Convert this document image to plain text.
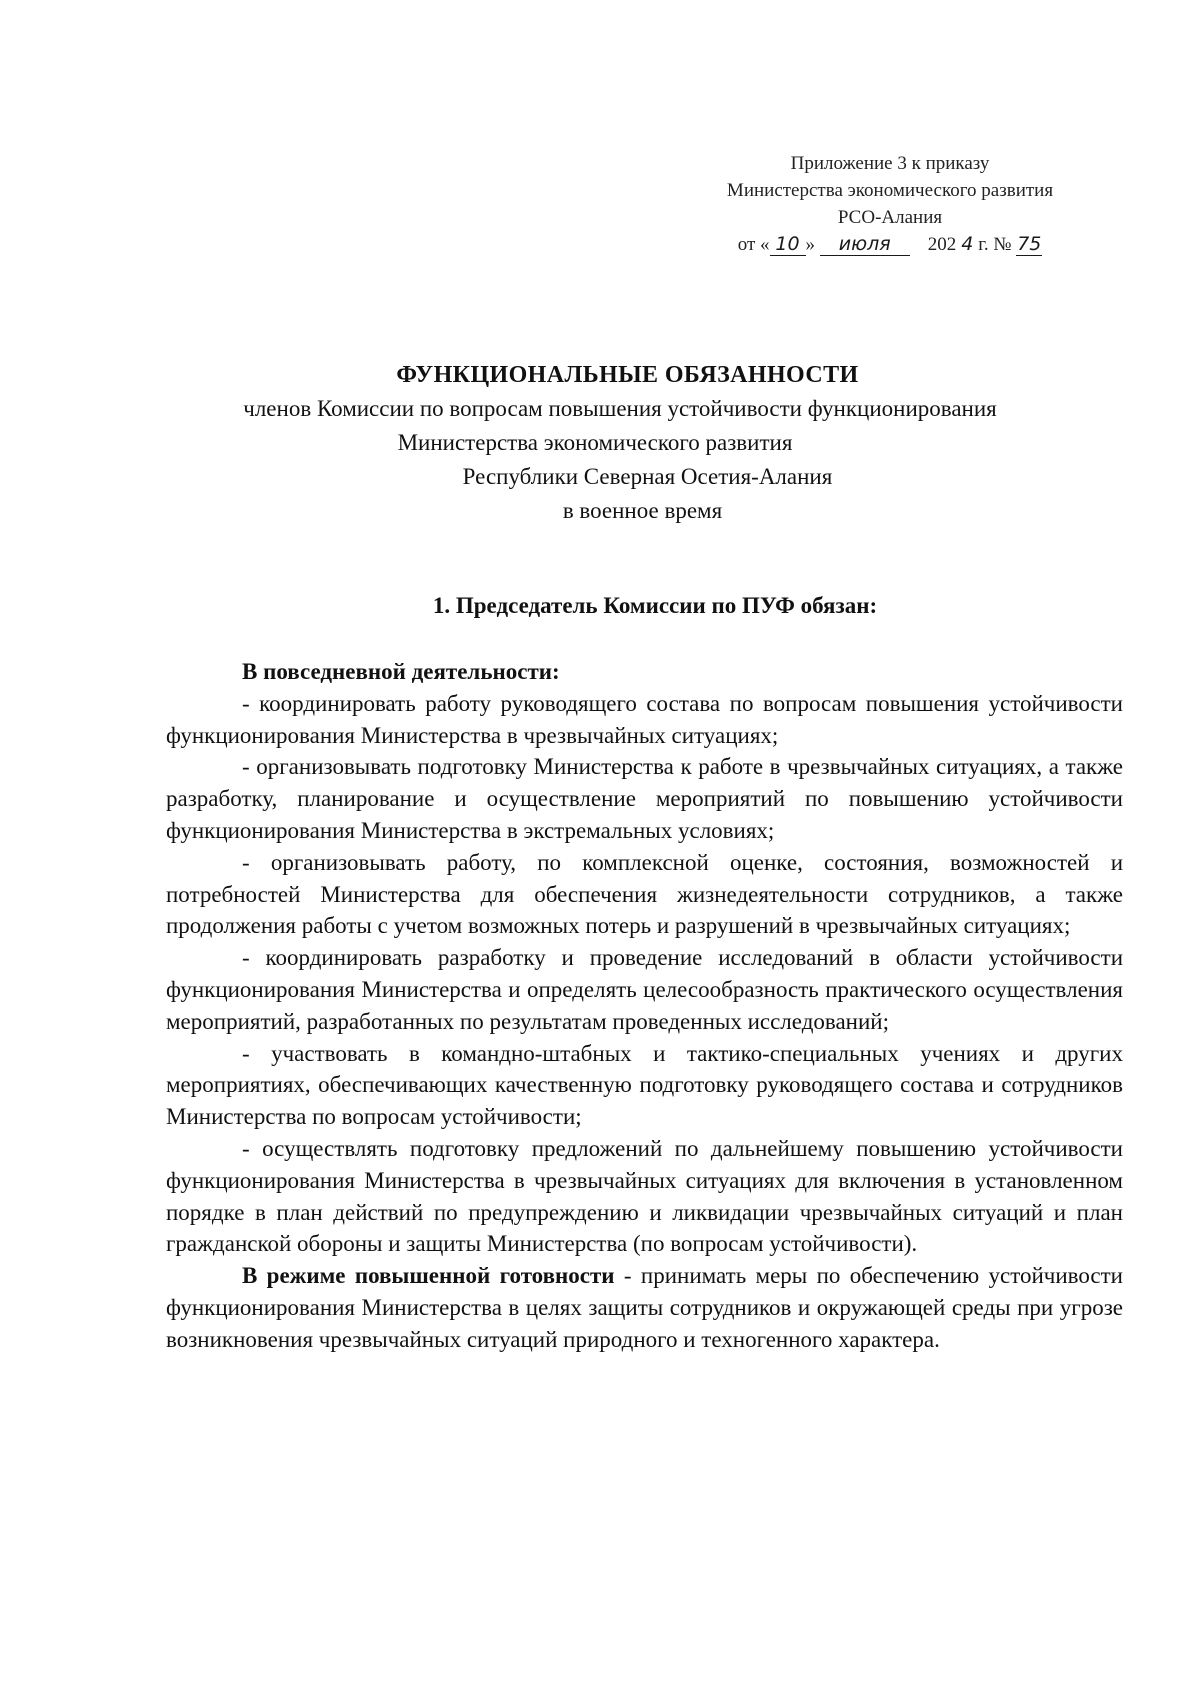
Приложение 3 к приказу
Министерства экономического развития
РСО-Алания
от « 10 » июля 202 4 г. № 75
ФУНКЦИОНАЛЬНЫЕ ОБЯЗАННОСТИ
членов Комиссии по вопросам повышения устойчивости функционирования
Министерства экономического развития
Республики Северная Осетия-Алания
в военное время
1. Председатель Комиссии по ПУФ обязан:
В повседневной деятельности:

- координировать работу руководящего состава по вопросам повышения устойчивости функционирования Министерства в чрезвычайных ситуациях;

- организовывать подготовку Министерства к работе в чрезвычайных ситуациях, а также разработку, планирование и осуществление мероприятий по повышению устойчивости функционирования Министерства в экстремальных условиях;

- организовывать работу, по комплексной оценке, состояния, возможностей и потребностей Министерства для обеспечения жизнедеятельности сотрудников, а также продолжения работы с учетом возможных потерь и разрушений в чрезвычайных ситуациях;

- координировать разработку и проведение исследований в области устойчивости функционирования Министерства и определять целесообразность практического осуществления мероприятий, разработанных по результатам проведенных исследований;

- участвовать в командно-штабных и тактико-специальных учениях и других мероприятиях, обеспечивающих качественную подготовку руководящего состава и сотрудников Министерства по вопросам устойчивости;

- осуществлять подготовку предложений по дальнейшему повышению устойчивости функционирования Министерства в чрезвычайных ситуациях для включения в установленном порядке в план действий по предупреждению и ликвидации чрезвычайных ситуаций и план гражданской обороны и защиты Министерства (по вопросам устойчивости).

В режиме повышенной готовности - принимать меры по обеспечению устойчивости функционирования Министерства в целях защиты сотрудников и окружающей среды при угрозе возникновения чрезвычайных ситуаций природного и техногенного характера.
